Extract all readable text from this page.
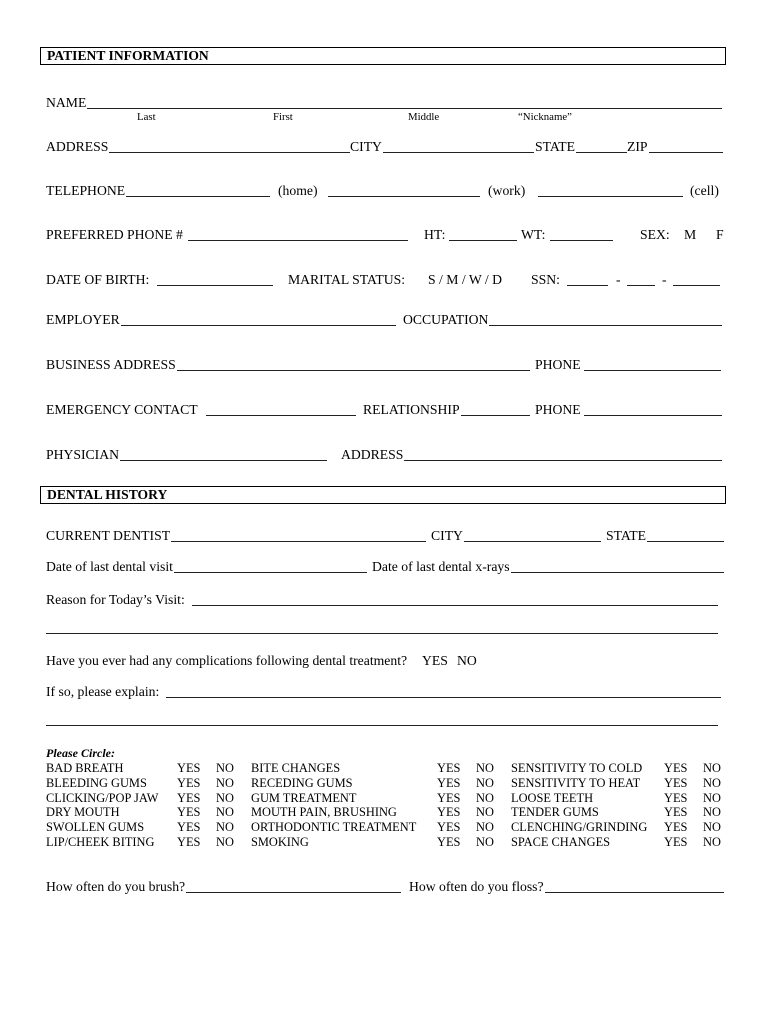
PATIENT INFORMATION
NAME
Last	First	Middle	“Nickname”
ADDRESS	CITY	STATE	ZIP
TELEPHONE	(home)	(work)	(cell)
PREFERRED PHONE #	HT:	WT:	SEX: M F
DATE OF BIRTH:	MARITAL STATUS: S / M / W / D SSN:	-	-
EMPLOYER	OCCUPATION
BUSINESS ADDRESS	PHONE
EMERGENCY CONTACT	RELATIONSHIP	PHONE
PHYSICIAN	ADDRESS
DENTAL HISTORY
CURRENT DENTIST	CITY	STATE
Date of last dental visit	Date of last dental x-rays
Reason for Today’s Visit:
Have you ever had any complications following dental treatment? YES NO
If so, please explain:
Please Circle:
BAD BREATH	YES	NO	BITE CHANGES	YES	NO	SENSITIVITY TO COLD	YES	NO
BLEEDING GUMS	YES	NO	RECEDING GUMS	YES	NO	SENSITIVITY TO HEAT	YES	NO
CLICKING/POP JAW	YES	NO	GUM TREATMENT	YES	NO	LOOSE TEETH	YES	NO
DRY MOUTH	YES	NO	MOUTH PAIN, BRUSHING	YES	NO	TENDER GUMS	YES	NO
SWOLLEN GUMS	YES	NO	ORTHODONTIC TREATMENT	YES	NO	CLENCHING/GRINDING	YES	NO
LIP/CHEEK BITING	YES	NO	SMOKING	YES	NO	SPACE CHANGES	YES	NO
How often do you brush?	How often do you floss?
